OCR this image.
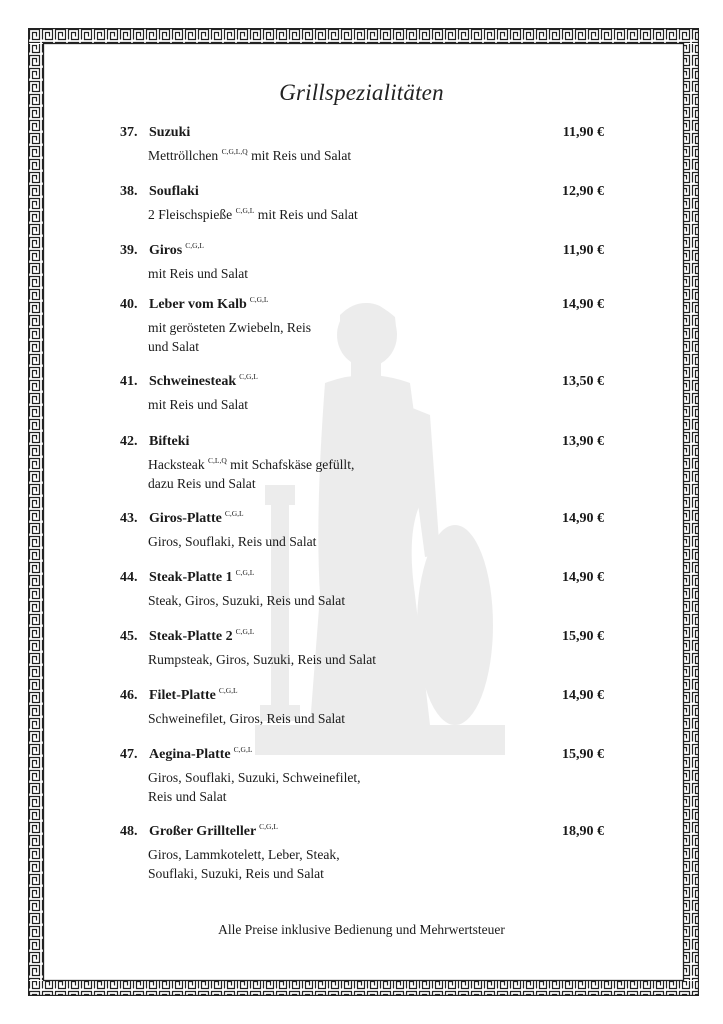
Grillspezialitäten
37. Suzuki	11,90 €
Mettröllchen $^{C,G,L,Q}$ mit Reis und Salat
38. Souflaki	12,90 €
2 Fleischspieße $^{C,G,L}$ mit Reis und Salat
39. Giros $^{C,G,L}$	11,90 €
mit Reis und Salat
40. Leber vom Kalb $^{C,G,L}$	14,90 €
mit gerösteten Zwiebeln, Reis
und Salat
41. Schweinesteak $^{C,G,L}$	13,50 €
mit Reis und Salat
42. Bifteki	13,90 €
Hacksteak $^{C,L,Q}$ mit Schafskäse gefüllt,
dazu Reis und Salat
43. Giros-Platte $^{C,G,L}$	14,90 €
Giros, Souflaki, Reis und Salat
44. Steak-Platte 1 $^{C,G,L}$	14,90 €
Steak, Giros, Suzuki, Reis und Salat
45. Steak-Platte 2 $^{C,G,L}$	15,90 €
Rumpsteak, Giros, Suzuki, Reis und Salat
46. Filet-Platte $^{C,G,L}$	14,90 €
Schweinefilet, Giros, Reis und Salat
47. Aegina-Platte $^{C,G,L}$	15,90 €
Giros, Souflaki, Suzuki, Schweinefilet,
Reis und Salat
48. Großer Grillteller $^{C,G,L}$	18,90 €
Giros, Lammkotelett, Leber, Steak,
Souflaki, Suzuki, Reis und Salat
Alle Preise inklusive Bedienung und Mehrwertsteuer
